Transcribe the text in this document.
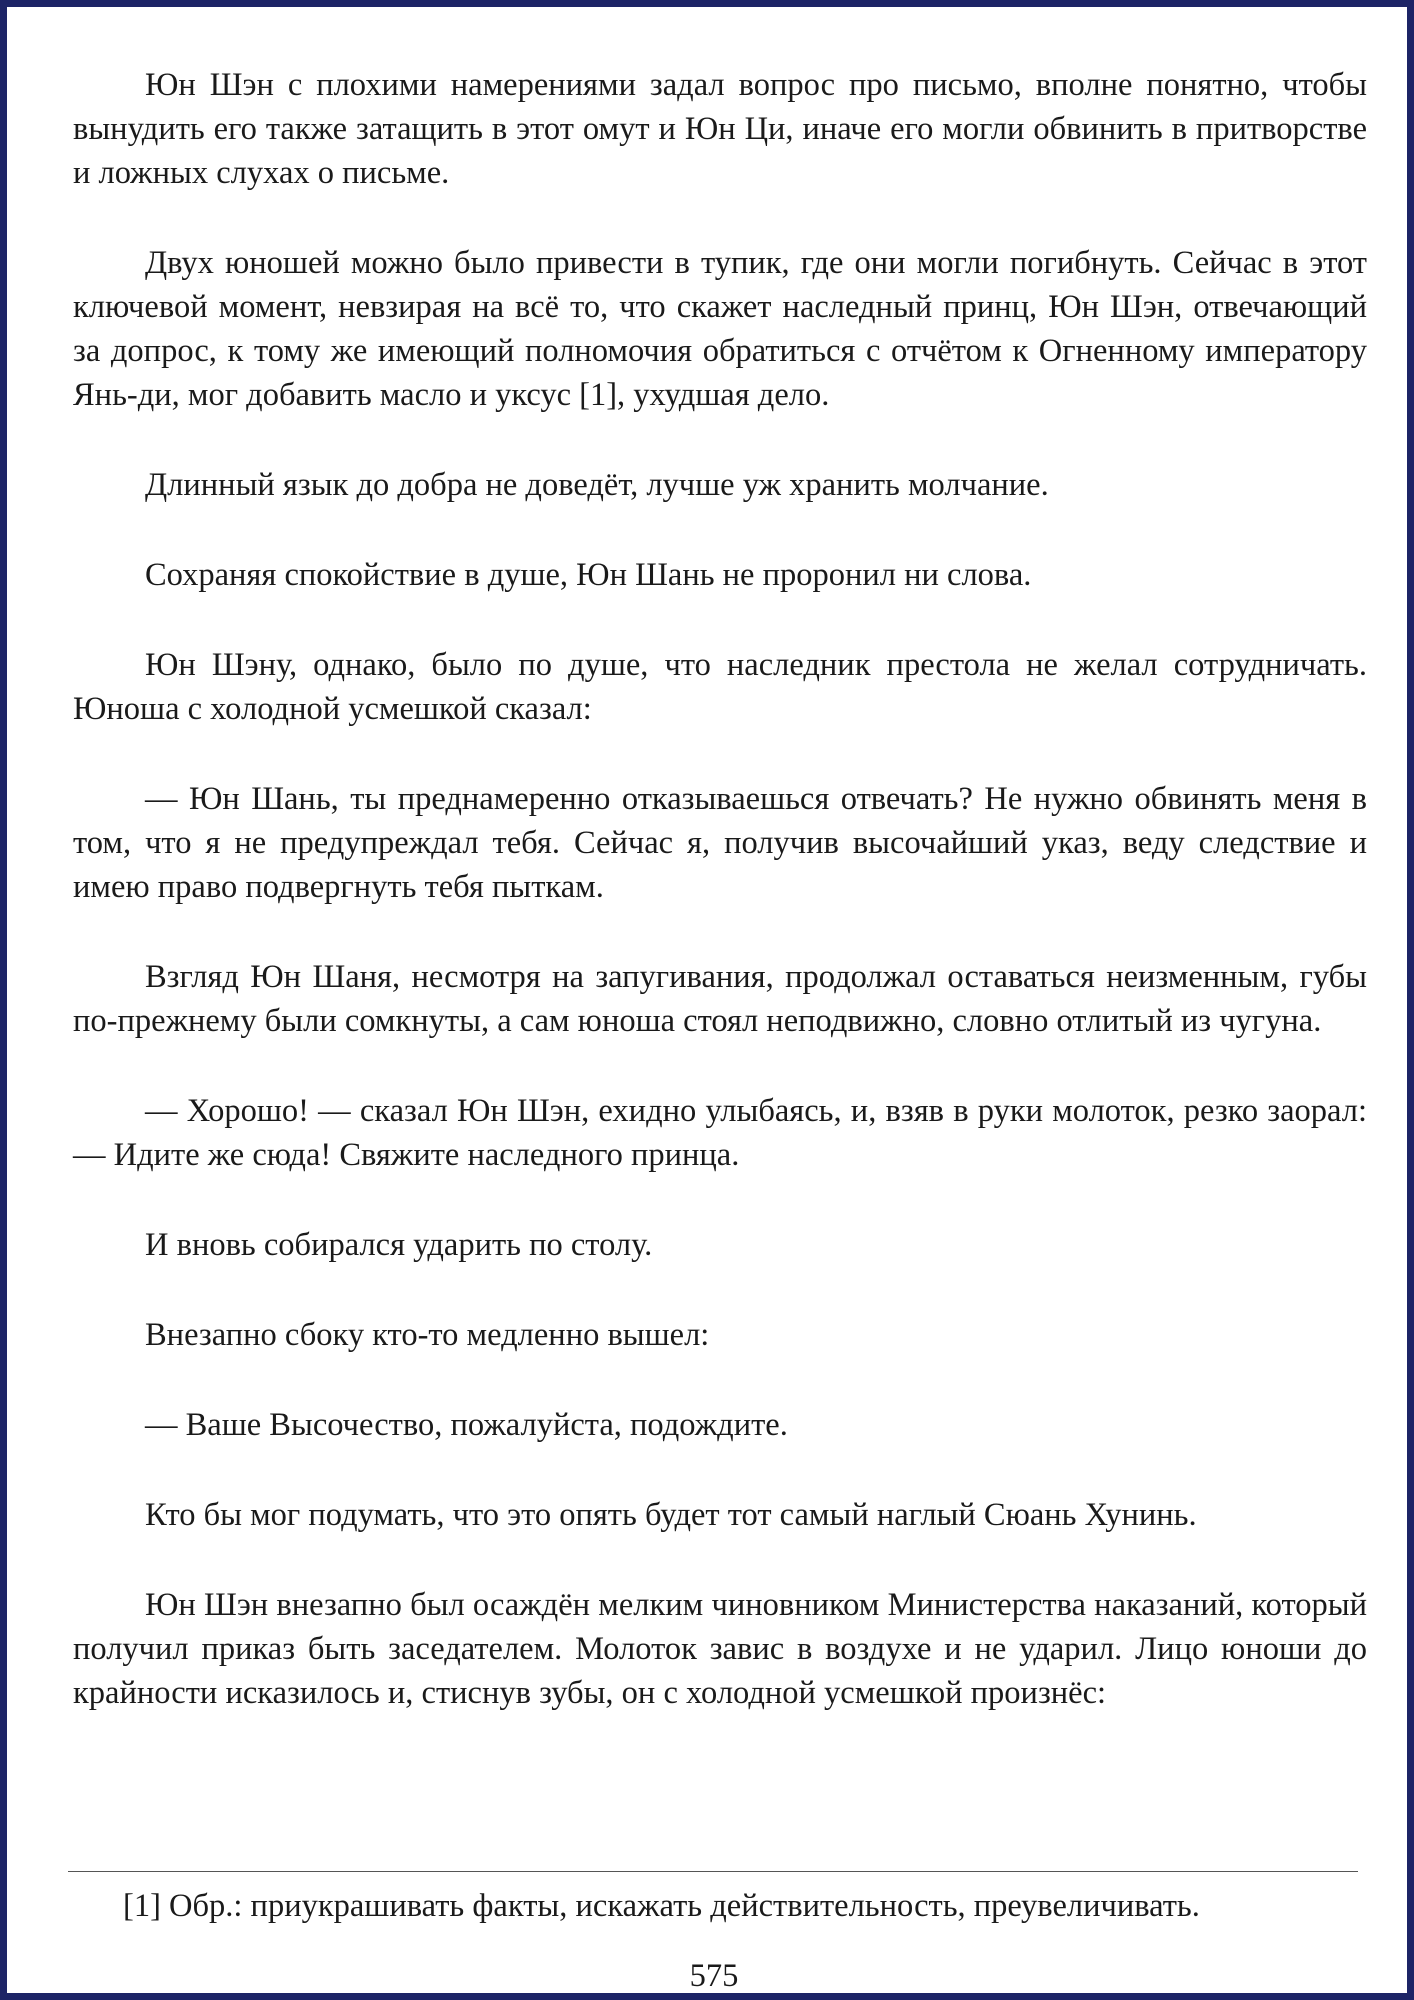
Юн Шэн с плохими намерениями задал вопрос про письмо, вполне понятно, чтобы вынудить его также затащить в этот омут и Юн Ци, иначе его могли обвинить в притворстве и ложных слухах о письме.

Двух юношей можно было привести в тупик, где они могли погибнуть. Сейчас в этот ключевой момент, невзирая на всё то, что скажет наследный принц, Юн Шэн, отвечающий за допрос, к тому же имеющий полномочия обратиться с отчётом к Огненному императору Янь-ди, мог добавить масло и уксус [1], ухудшая дело.

Длинный язык до добра не доведёт, лучше уж хранить молчание.

Сохраняя спокойствие в душе, Юн Шань не проронил ни слова.

Юн Шэну, однако, было по душе, что наследник престола не желал сотрудничать. Юноша с холодной усмешкой сказал:

— Юн Шань, ты преднамеренно отказываешься отвечать? Не нужно обвинять меня в том, что я не предупреждал тебя. Сейчас я, получив высочайший указ, веду следствие и имею право подвергнуть тебя пыткам.

Взгляд Юн Шаня, несмотря на запугивания, продолжал оставаться неизменным, губы по-прежнему были сомкнуты, а сам юноша стоял неподвижно, словно отлитый из чугуна.

— Хорошо! — сказал Юн Шэн, ехидно улыбаясь, и, взяв в руки молоток, резко заорал: — Идите же сюда! Свяжите наследного принца.

И вновь собирался ударить по столу.

Внезапно сбоку кто-то медленно вышел:

— Ваше Высочество, пожалуйста, подождите.

Кто бы мог подумать, что это опять будет тот самый наглый Сюань Хунинь.

Юн Шэн внезапно был осаждён мелким чиновником Министерства наказаний, который получил приказ быть заседателем. Молоток завис в воздухе и не ударил. Лицо юноши до крайности исказилось и, стиснув зубы, он с холодной усмешкой произнёс:

[1] Обр.: приукрашивать факты, искажать действительность, преувеличивать.
575
